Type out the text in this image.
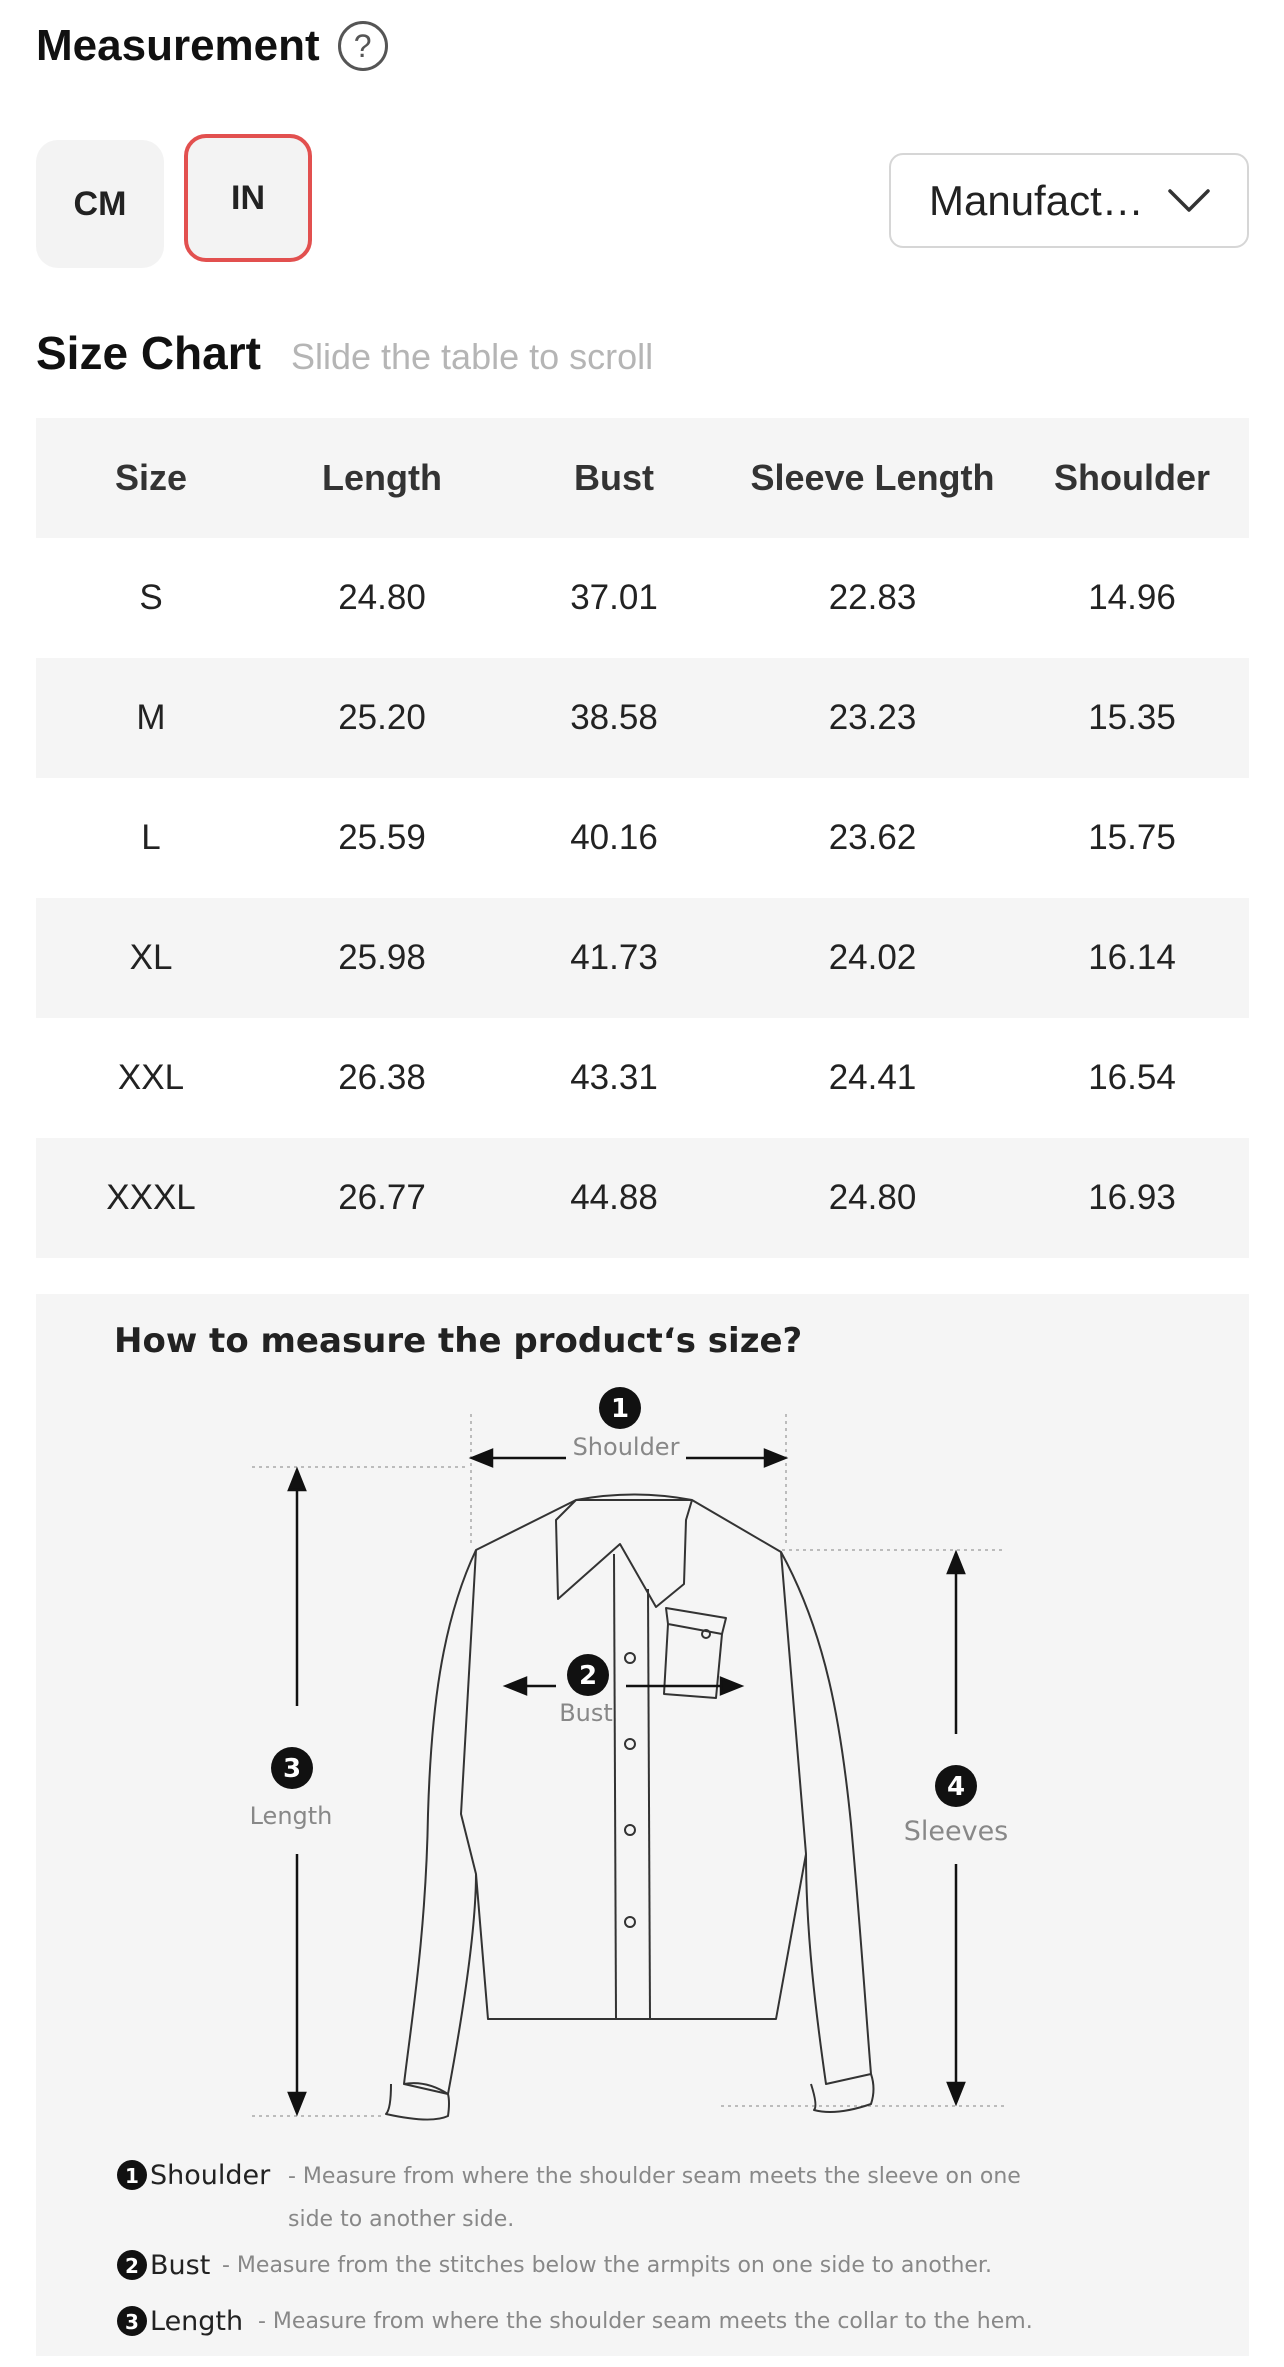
Measurement	?
CM	IN	Manufact…
Size Chart Slide the table to scroll
Size	Length	Bust	Sleeve Length	Shoulder
S	24.80	37.01	22.83	14.96
M	25.20	38.58	23.23	15.35
L	25.59	40.16	23.62	15.75
XL	25.98	41.73	24.02	16.14
XXL	26.38	43.31	24.41	16.54
XXXL	26.77	44.88	24.80	16.93
How to measure the product‘s size?
1
Shoulder
3
Length
4
Sleeves
2
Bust
1 Shoulder - Measure from where the shoulder seam meets the sleeve on one
side to another side.
2 Bust - Measure from the stitches below the armpits on one side to another.
3 Length - Measure from where the shoulder seam meets the collar to the hem.
